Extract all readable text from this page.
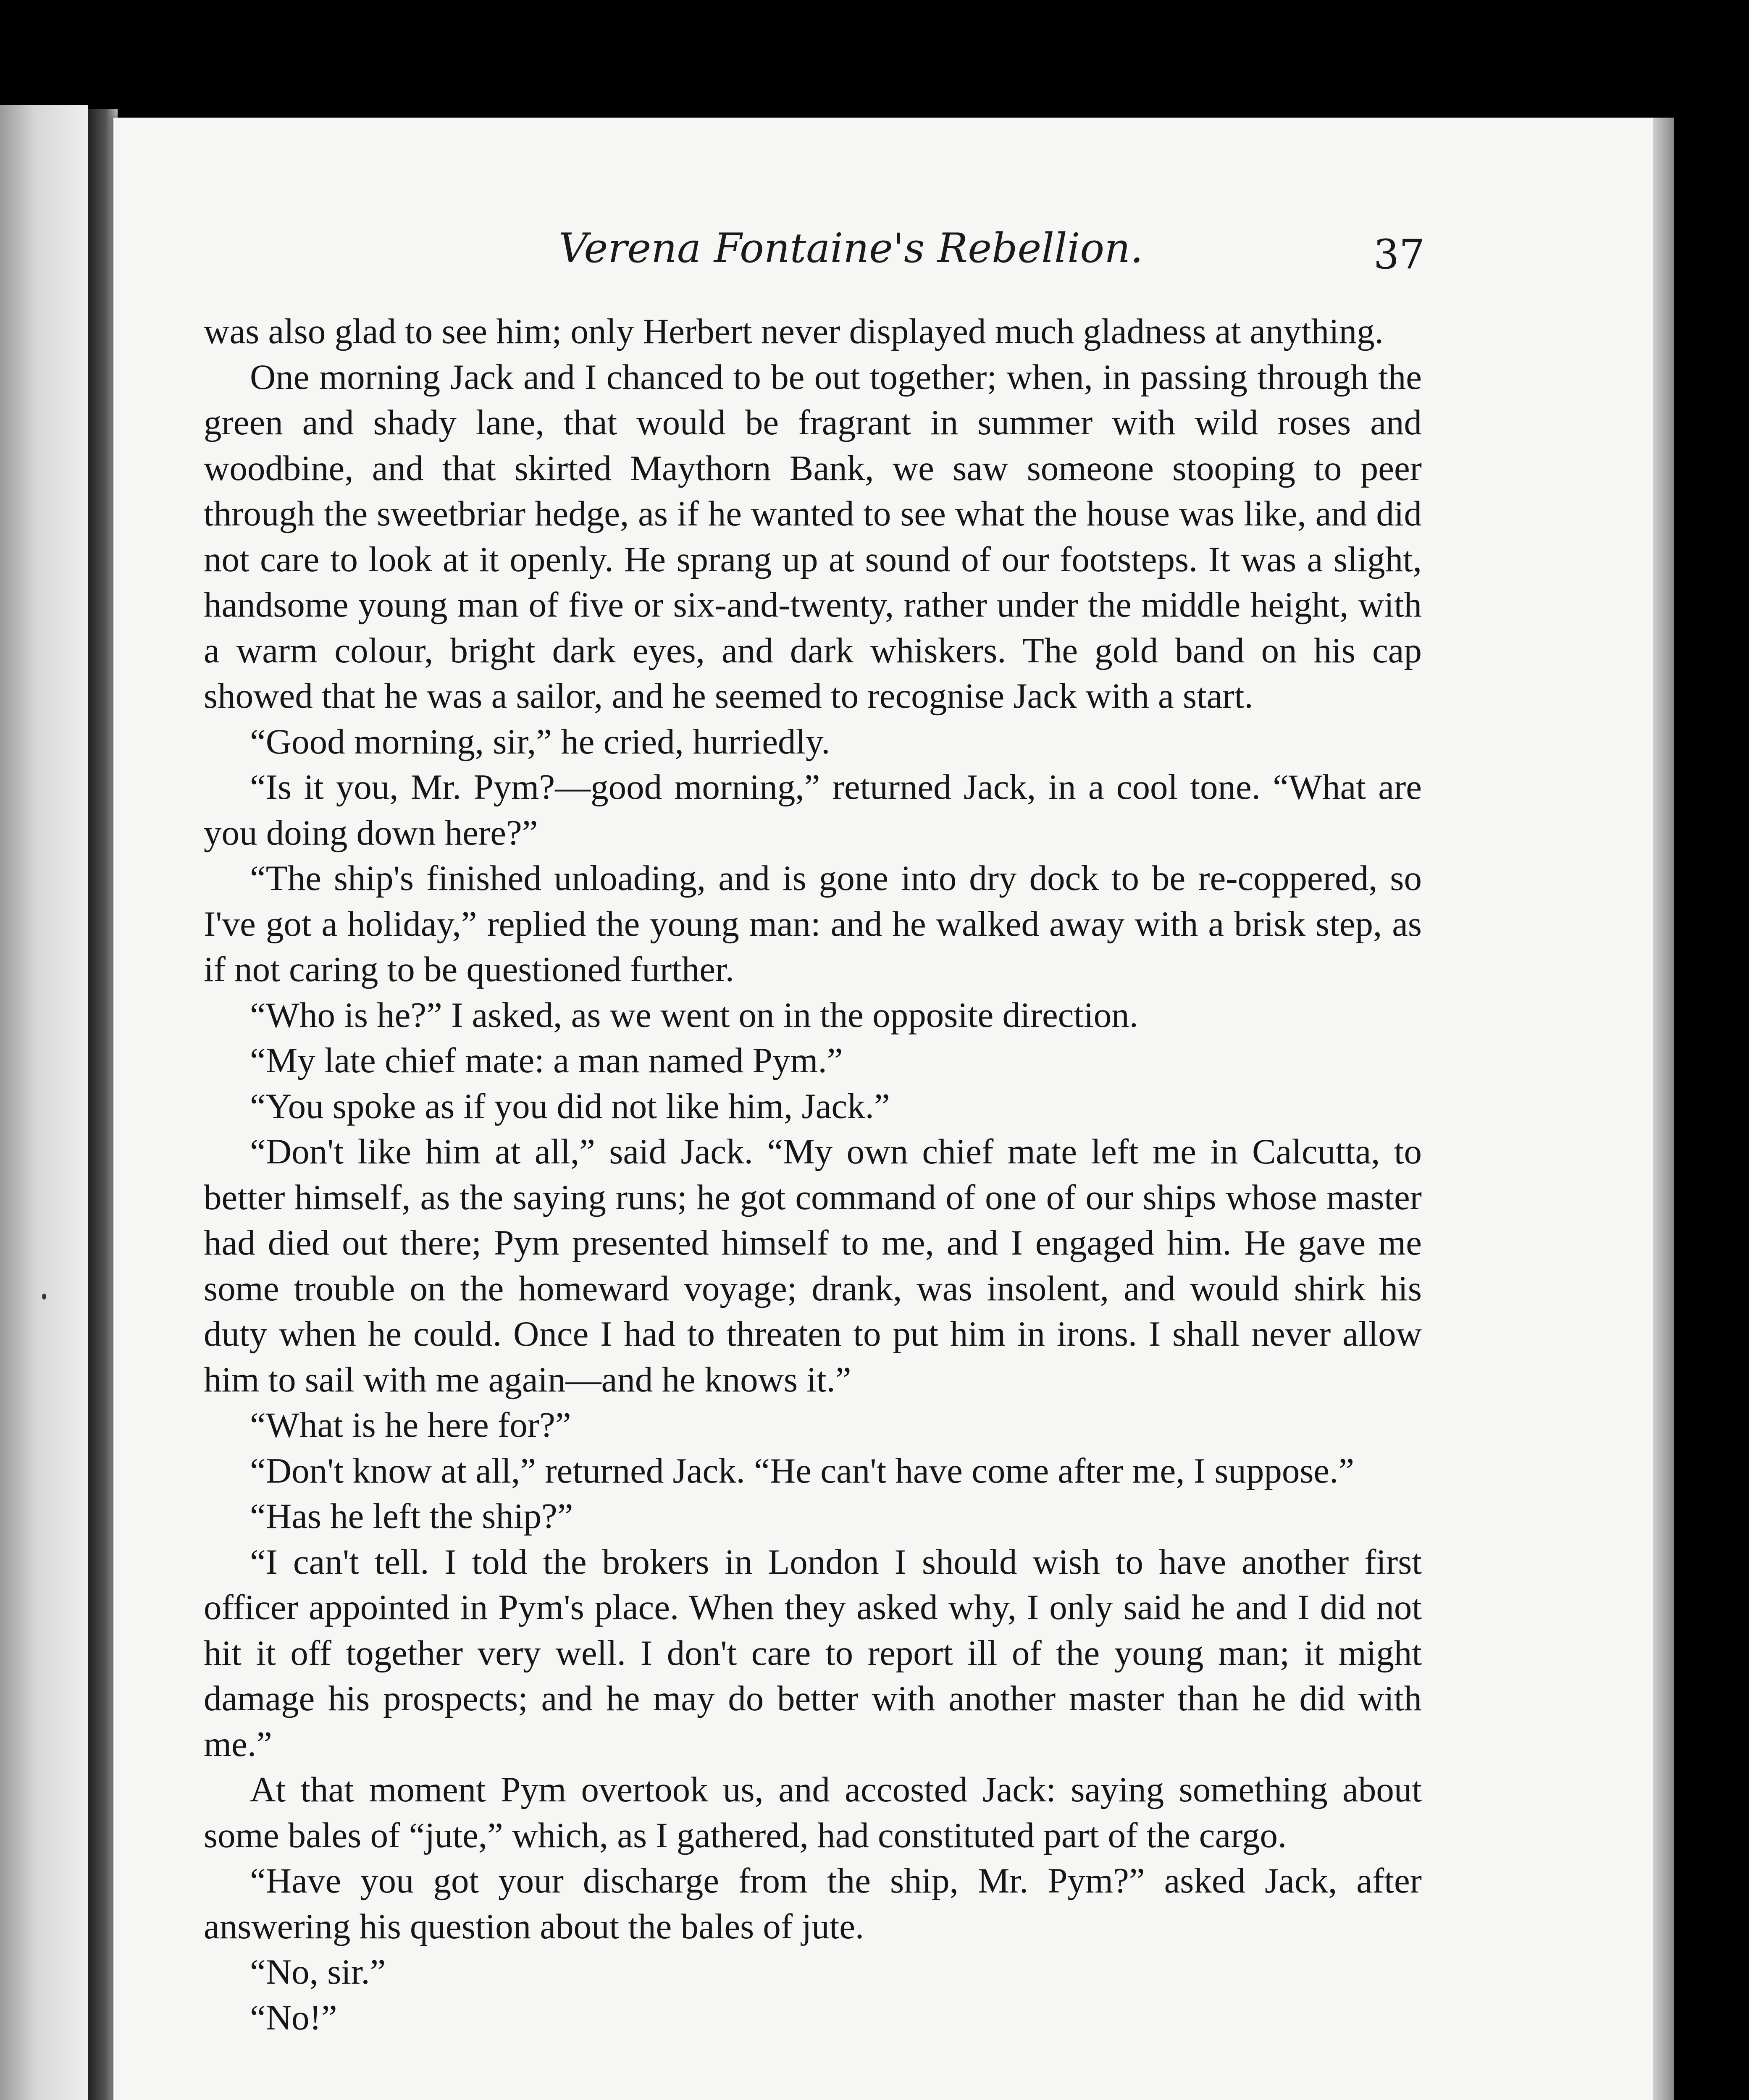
Verena Fontaine's Rebellion.	37

was also glad to see him; only Herbert never displayed much gladness at anything.

One morning Jack and I chanced to be out together; when, in passing through the green and shady lane, that would be fragrant in summer with wild roses and woodbine, and that skirted Maythorn Bank, we saw someone stooping to peer through the sweetbriar hedge, as if he wanted to see what the house was like, and did not care to look at it openly. He sprang up at sound of our footsteps. It was a slight, handsome young man of five or six-and-twenty, rather under the middle height, with a warm colour, bright dark eyes, and dark whiskers. The gold band on his cap showed that he was a sailor, and he seemed to recognise Jack with a start.

“Good morning, sir,” he cried, hurriedly.

“Is it you, Mr. Pym?—good morning,” returned Jack, in a cool tone. “What are you doing down here?”

“The ship's finished unloading, and is gone into dry dock to be re-coppered, so I've got a holiday,” replied the young man: and he walked away with a brisk step, as if not caring to be questioned further.

“Who is he?” I asked, as we went on in the opposite direction.

“My late chief mate: a man named Pym.”

“You spoke as if you did not like him, Jack.”

“Don't like him at all,” said Jack. “My own chief mate left me in Calcutta, to better himself, as the saying runs; he got command of one of our ships whose master had died out there; Pym presented himself to me, and I engaged him. He gave me some trouble on the homeward voyage; drank, was insolent, and would shirk his duty when he could. Once I had to threaten to put him in irons. I shall never allow him to sail with me again—and he knows it.”

“What is he here for?”

“Don't know at all,” returned Jack. “He can't have come after me, I suppose.”

“Has he left the ship?”

“I can't tell. I told the brokers in London I should wish to have another first officer appointed in Pym's place. When they asked why, I only said he and I did not hit it off together very well. I don't care to report ill of the young man; it might damage his prospects; and he may do better with another master than he did with me.”

At that moment Pym overtook us, and accosted Jack: saying something about some bales of “jute,” which, as I gathered, had constituted part of the cargo.

“Have you got your discharge from the ship, Mr. Pym?” asked Jack, after answering his question about the bales of jute.

“No, sir.”

“No!”
